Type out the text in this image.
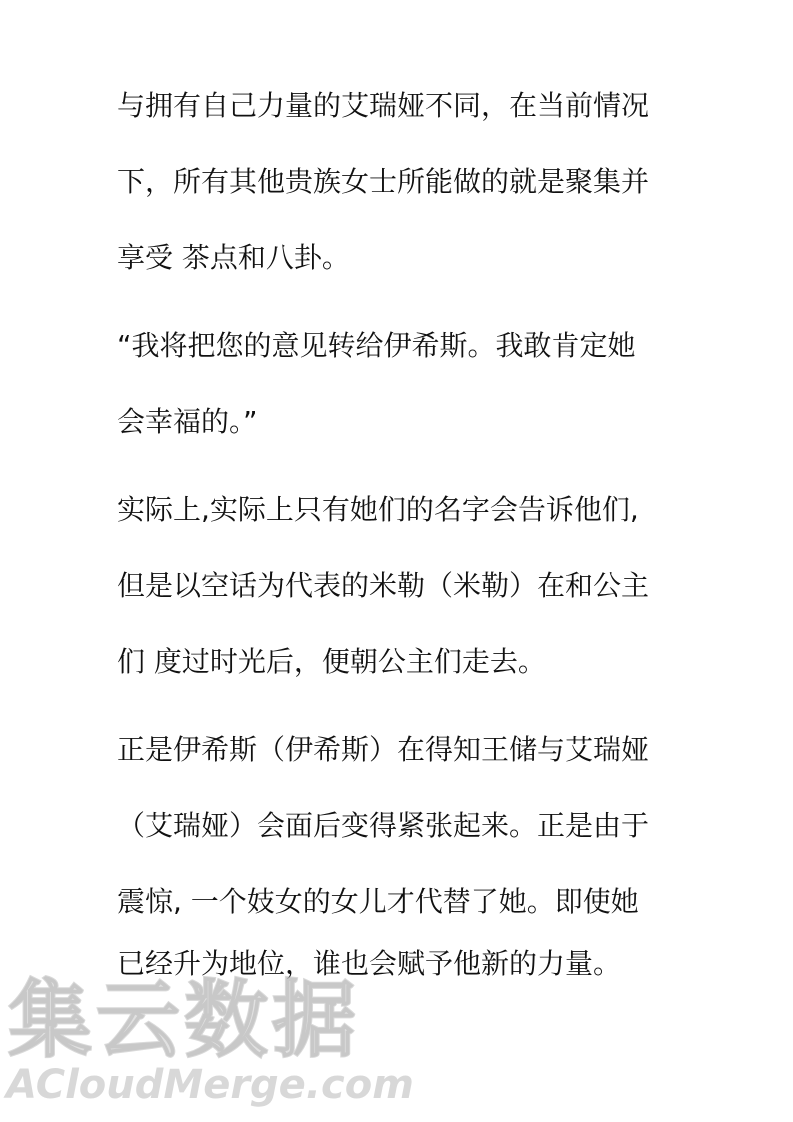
与拥有自己力量的艾瑞娅不同，在当前情况
下，所有其他贵族女士所能做的就是聚集并
享受 茶点和八卦。
“我将把您的意见转给伊希斯。我敢肯定她
会幸福的。”
实际上,实际上只有她们的名字会告诉他们,
但是以空话为代表的米勒（米勒）在和公主
们 度过时光后，便朝公主们走去。
正是伊希斯（伊希斯）在得知王储与艾瑞娅
（艾瑞娅）会面后变得紧张起来。正是由于
震惊, 一个妓女的女儿才代替了她。即使她
已经升为地位，谁也会赋予他新的力量。
集云数据
ACloudMerge.com
